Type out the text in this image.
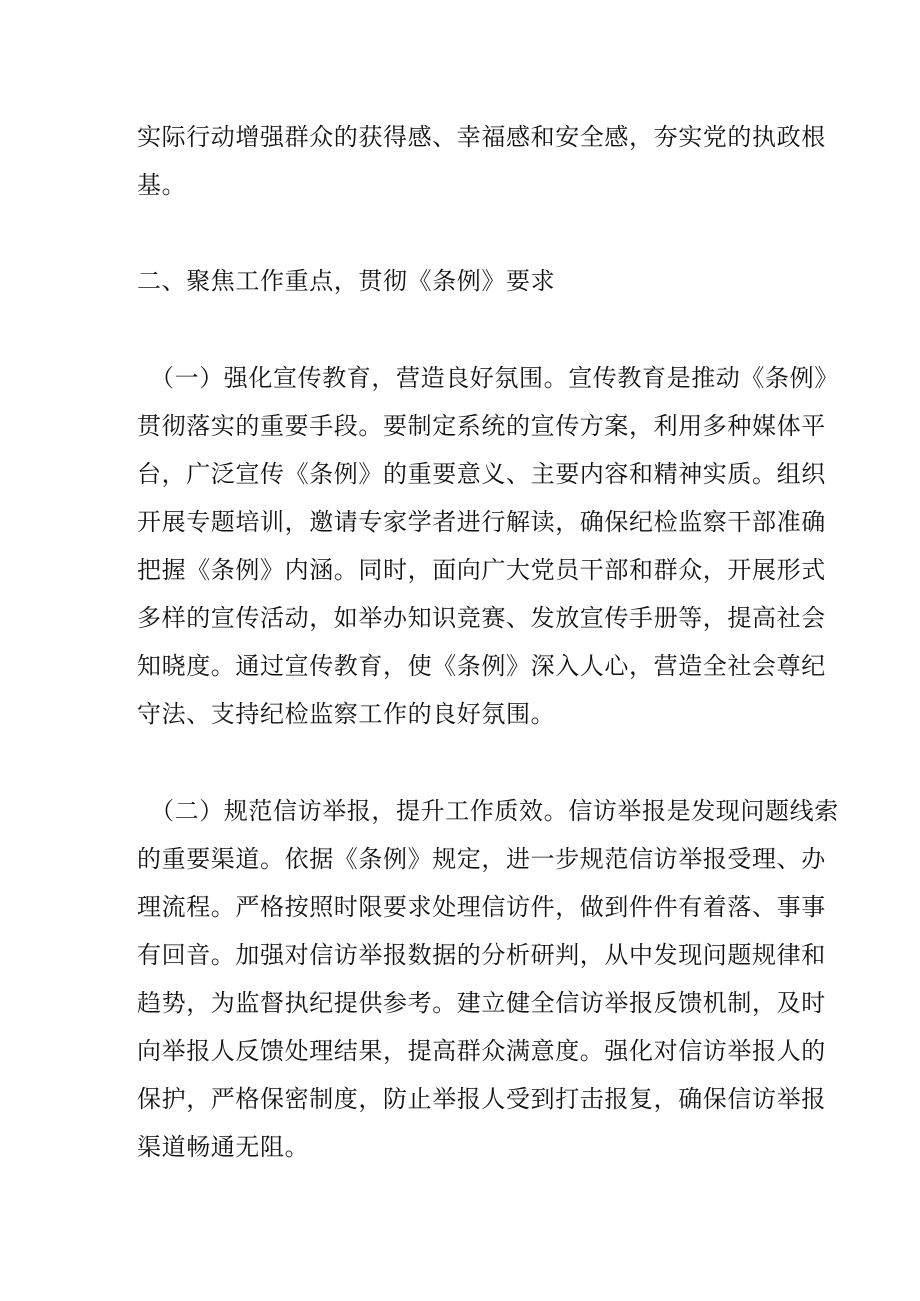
实际行动增强群众的获得感、幸福感和安全感，夯实党的执政根
基。
二、聚焦工作重点，贯彻《条例》要求
（一）强化宣传教育，营造良好氛围。宣传教育是推动《条例》
贯彻落实的重要手段。要制定系统的宣传方案，利用多种媒体平
台，广泛宣传《条例》的重要意义、主要内容和精神实质。组织
开展专题培训，邀请专家学者进行解读，确保纪检监察干部准确
把握《条例》内涵。同时，面向广大党员干部和群众，开展形式
多样的宣传活动，如举办知识竞赛、发放宣传手册等，提高社会
知晓度。通过宣传教育，使《条例》深入人心，营造全社会尊纪
守法、支持纪检监察工作的良好氛围。
（二）规范信访举报，提升工作质效。信访举报是发现问题线索
的重要渠道。依据《条例》规定，进一步规范信访举报受理、办
理流程。严格按照时限要求处理信访件，做到件件有着落、事事
有回音。加强对信访举报数据的分析研判，从中发现问题规律和
趋势，为监督执纪提供参考。建立健全信访举报反馈机制，及时
向举报人反馈处理结果，提高群众满意度。强化对信访举报人的
保护，严格保密制度，防止举报人受到打击报复，确保信访举报
渠道畅通无阻。
